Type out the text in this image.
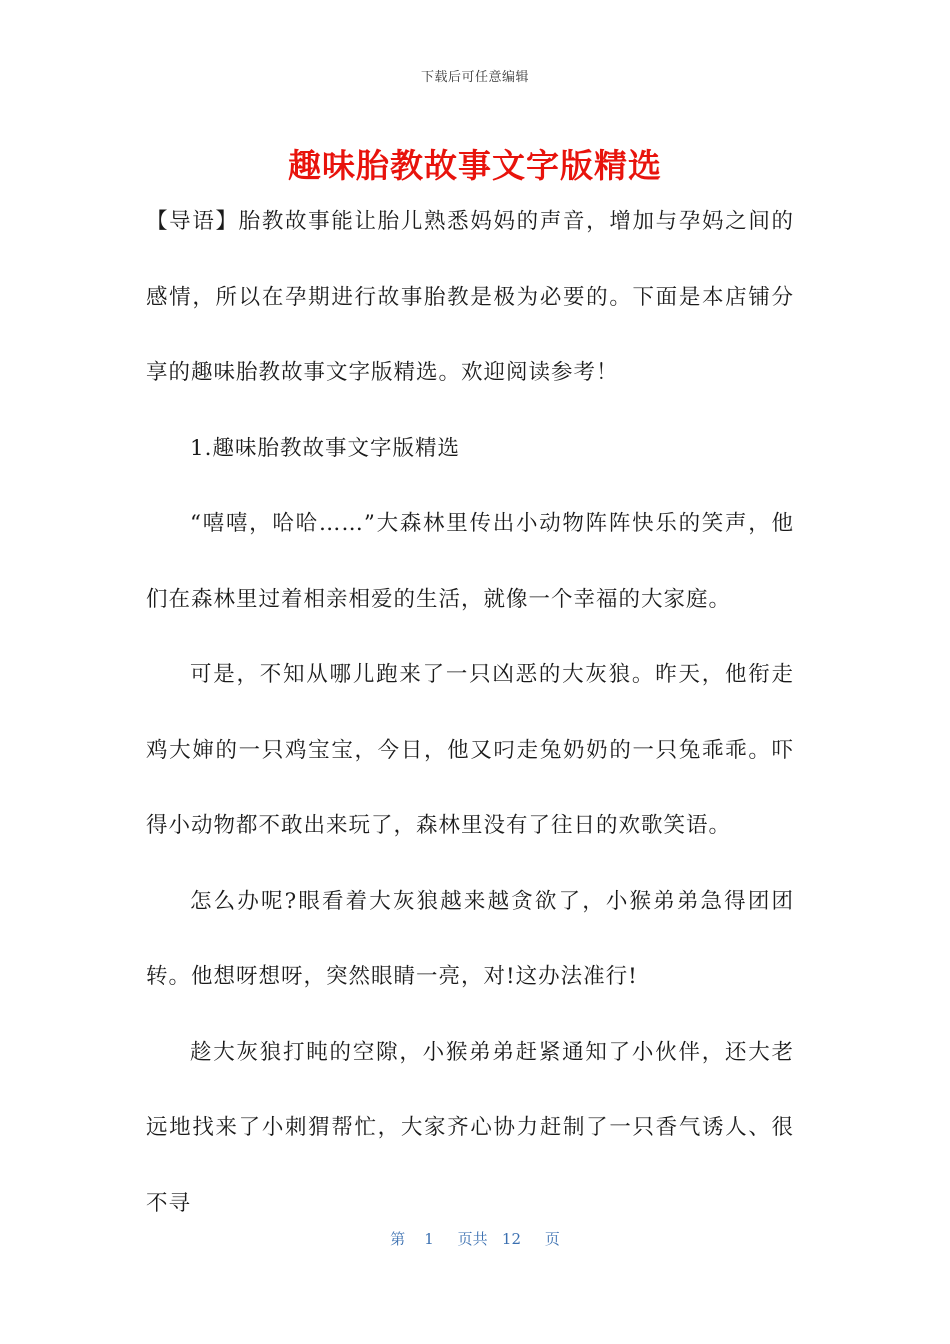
下载后可任意编辑
趣味胎教故事文字版精选

【导语】胎教故事能让胎儿熟悉妈妈的声音，增加与孕妈之间的感情，所以在孕期进行故事胎教是极为必要的。下面是本店铺分享的趣味胎教故事文字版精选。欢迎阅读参考！

1.趣味胎教故事文字版精选

“嘻嘻，哈哈……”大森林里传出小动物阵阵快乐的笑声，他们在森林里过着相亲相爱的生活，就像一个幸福的大家庭。

可是，不知从哪儿跑来了一只凶恶的大灰狼。昨天，他衔走鸡大婶的一只鸡宝宝，今日，他又叼走兔奶奶的一只兔乖乖。吓得小动物都不敢出来玩了，森林里没有了往日的欢歌笑语。

怎么办呢?眼看着大灰狼越来越贪欲了，小猴弟弟急得团团转。他想呀想呀，突然眼睛一亮，对!这办法准行!

趁大灰狼打盹的空隙，小猴弟弟赶紧通知了小伙伴，还大老远地找来了小刺猬帮忙，大家齐心协力赶制了一只香气诱人、很不寻

第 1 页共 12 页
